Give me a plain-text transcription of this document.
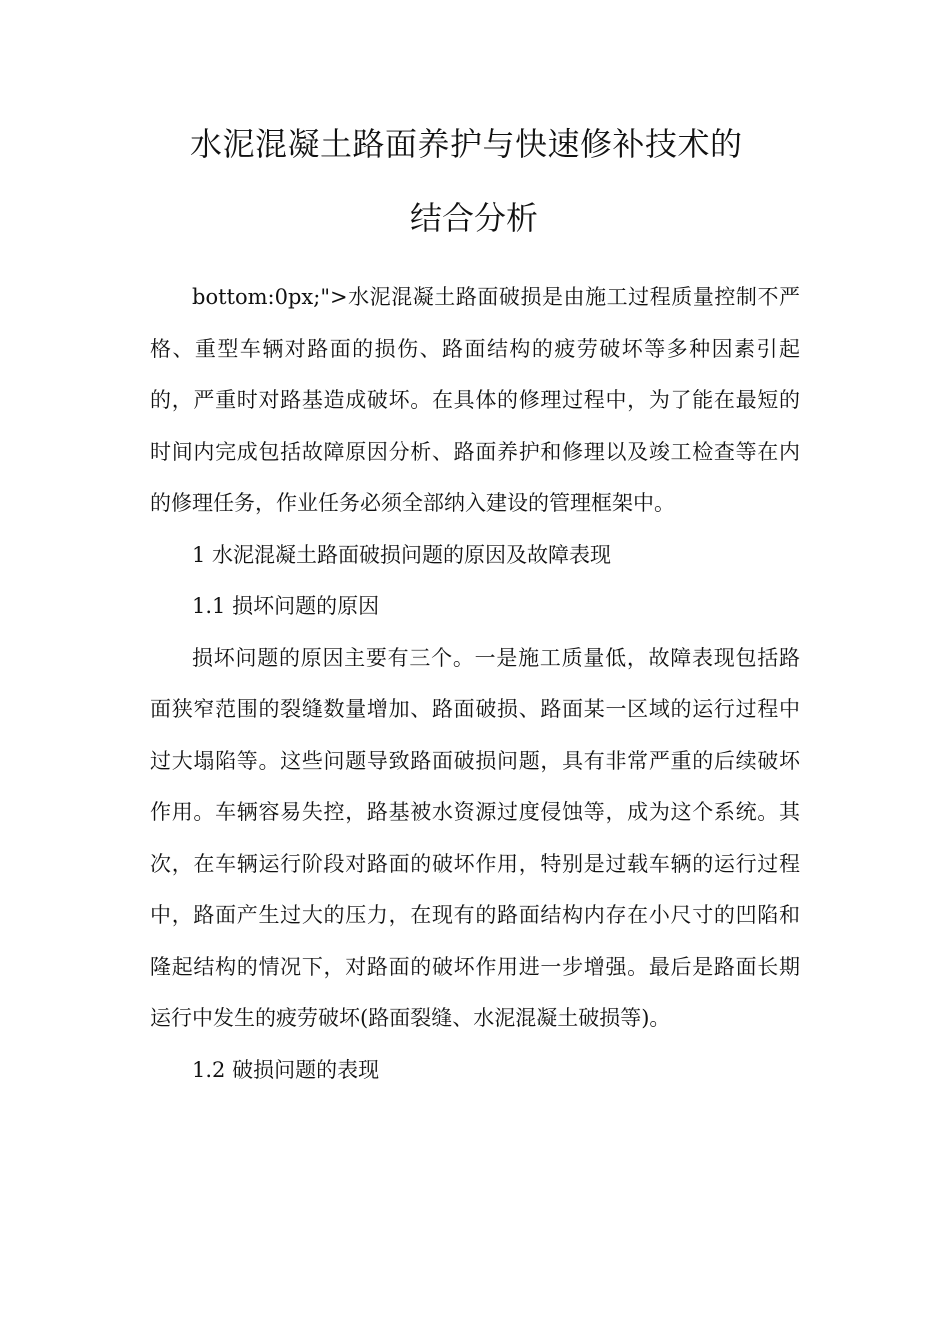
水泥混凝土路面养护与快速修补技术的
结合分析

bottom:0px;">水泥混凝土路面破损是由施工过程质量控制不严格、重型车辆对路面的损伤、路面结构的疲劳破坏等多种因素引起的，严重时对路基造成破坏。在具体的修理过程中，为了能在最短的时间内完成包括故障原因分析、路面养护和修理以及竣工检查等在内的修理任务，作业任务必须全部纳入建设的管理框架中。

1 水泥混凝土路面破损问题的原因及故障表现

1.1 损坏问题的原因

损坏问题的原因主要有三个。一是施工质量低，故障表现包括路面狭窄范围的裂缝数量增加、路面破损、路面某一区域的运行过程中过大塌陷等。这些问题导致路面破损问题，具有非常严重的后续破坏作用。车辆容易失控，路基被水资源过度侵蚀等，成为这个系统。其次，在车辆运行阶段对路面的破坏作用，特别是过载车辆的运行过程中，路面产生过大的压力，在现有的路面结构内存在小尺寸的凹陷和隆起结构的情况下，对路面的破坏作用进一步增强。最后是路面长期运行中发生的疲劳破坏(路面裂缝、水泥混凝土破损等)。

1.2 破损问题的表现
